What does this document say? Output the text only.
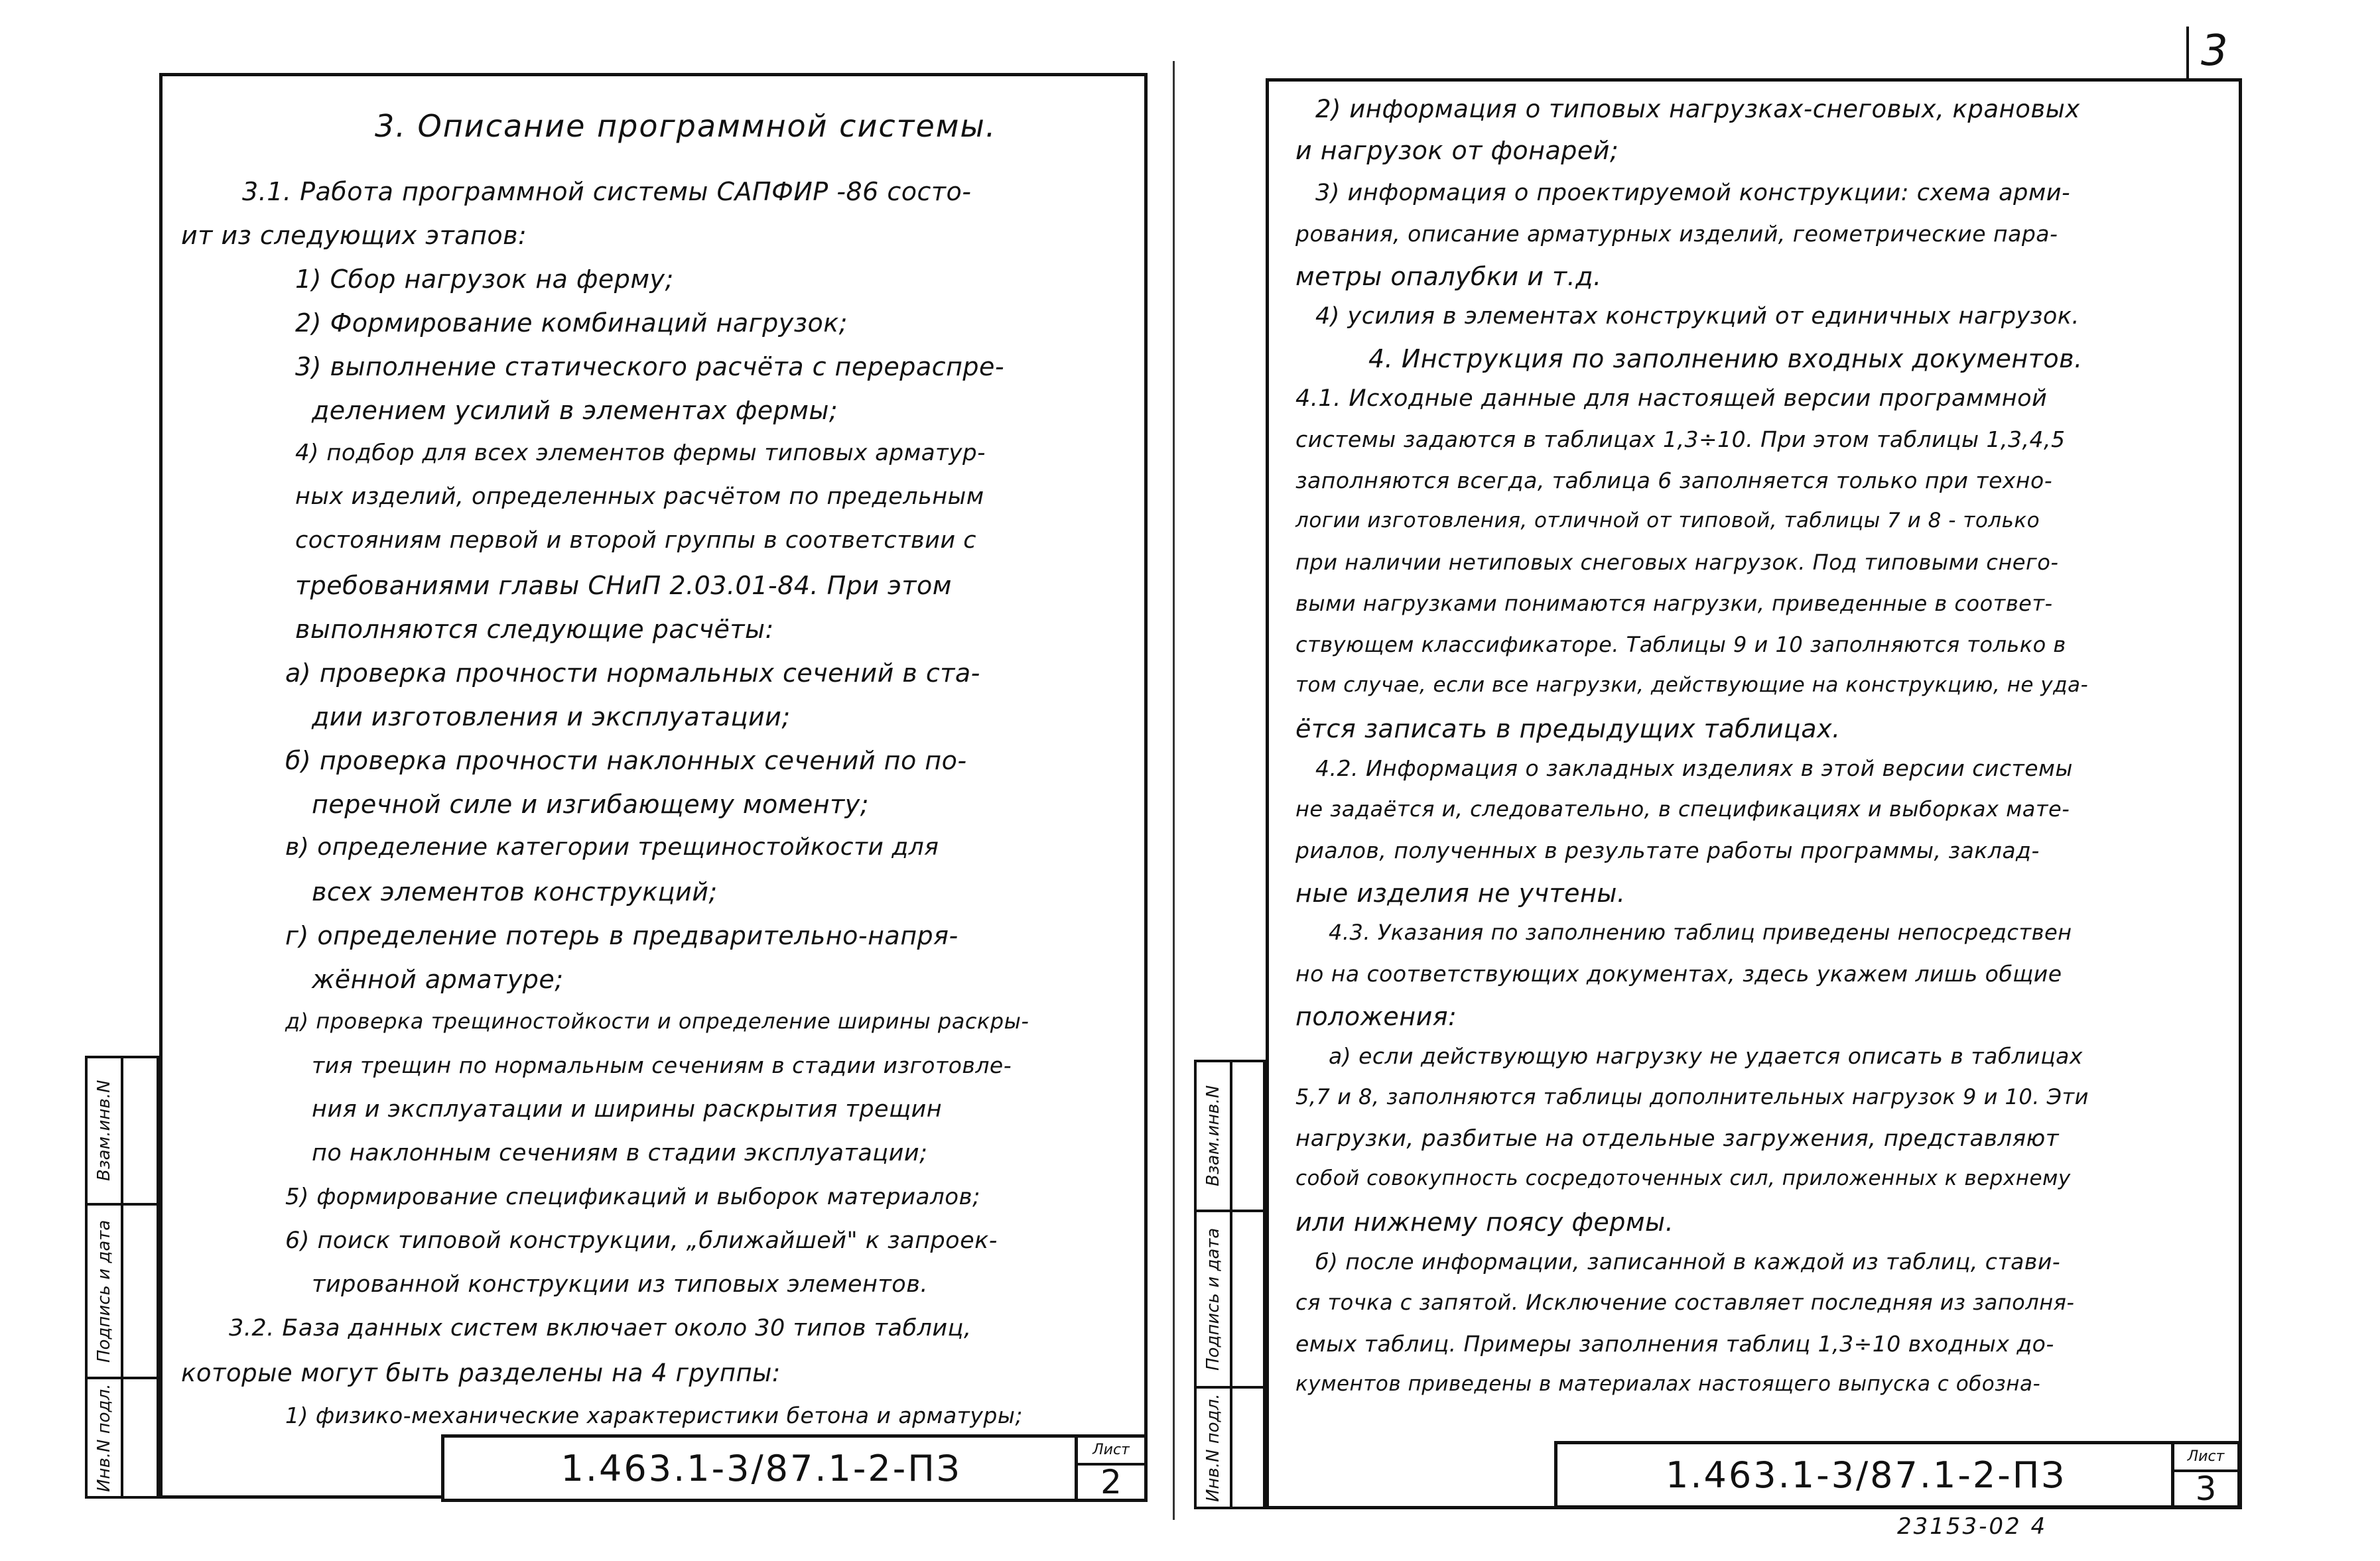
3
Взам.инв.N
Подпись и дата
Инв.N подл.
Взам.инв.N
Подпись и дата
Инв.N подл.
3. Описание программной системы.
3.1. Работа программной системы САПФИР -86 состо-
ит из следующих этапов:
1) Сбор нагрузок на ферму;
2) Формирование комбинаций нагрузок;
3) выполнение статического расчёта с перераспре-
делением усилий в элементах фермы;
4) подбор для всех элементов фермы типовых арматур-
ных изделий, определенных расчётом по предельным
состояниям первой и второй группы в соответствии с
требованиями главы СНиП 2.03.01-84. При этом
выполняются следующие расчёты:
а) проверка прочности нормальных сечений в ста-
дии изготовления и эксплуатации;
б) проверка прочности наклонных сечений по по-
перечной силе и изгибающему моменту;
в) определение категории трещиностойкости для
всех элементов конструкций;
г) определение потерь в предварительно-напря-
жённой арматуре;
д) проверка трещиностойкости и определение ширины раскры-
тия трещин по нормальным сечениям в стадии изготовле-
ния и эксплуатации и ширины раскрытия трещин
по наклонным сечениям в стадии эксплуатации;
5) формирование спецификаций и выборок материалов;
6) поиск типовой конструкции, „ближайшей" к запроек-
тированной конструкции из типовых элементов.
3.2. База данных систем включает около 30 типов таблиц,
которые могут быть разделены на 4 группы:
1) физико-механические характеристики бетона и арматуры;
1.463.1-3/87.1-2-ПЗ	Лист
2
2) информация о типовых нагрузках-снеговых, крановых
и нагрузок от фонарей;
3) информация о проектируемой конструкции: схема арми-
рования, описание арматурных изделий, геометрические пара-
метры опалубки и т.д.
4) усилия в элементах конструкций от единичных нагрузок.
4. Инструкция по заполнению входных документов.
4.1. Исходные данные для настоящей версии программной
системы задаются в таблицах 1,3÷10. При этом таблицы 1,3,4,5
заполняются всегда, таблица 6 заполняется только при техно-
логии изготовления, отличной от типовой, таблицы 7 и 8 - только
при наличии нетиповых снеговых нагрузок. Под типовыми снего-
выми нагрузками понимаются нагрузки, приведенные в соответ-
ствующем классификаторе. Таблицы 9 и 10 заполняются только в
том случае, если все нагрузки, действующие на конструкцию, не уда-
ётся записать в предыдущих таблицах.
4.2. Информация о закладных изделиях в этой версии системы
не задаётся и, следовательно, в спецификациях и выборках мате-
риалов, полученных в результате работы программы, заклад-
ные изделия не учтены.
4.3. Указания по заполнению таблиц приведены непосредствен
но на соответствующих документах, здесь укажем лишь общие
положения:
а) если действующую нагрузку не удается описать в таблицах
5,7 и 8, заполняются таблицы дополнительных нагрузок 9 и 10. Эти
нагрузки, разбитые на отдельные загружения, представляют
собой совокупность сосредоточенных сил, приложенных к верхнему
или нижнему поясу фермы.
б) после информации, записанной в каждой из таблиц, стави-
ся точка с запятой. Исключение составляет последняя из заполня-
емых таблиц. Примеры заполнения таблиц 1,3÷10 входных до-
кументов приведены в материалах настоящего выпуска с обозна-
1.463.1-3/87.1-2-ПЗ	Лист
3
23153-02 4
